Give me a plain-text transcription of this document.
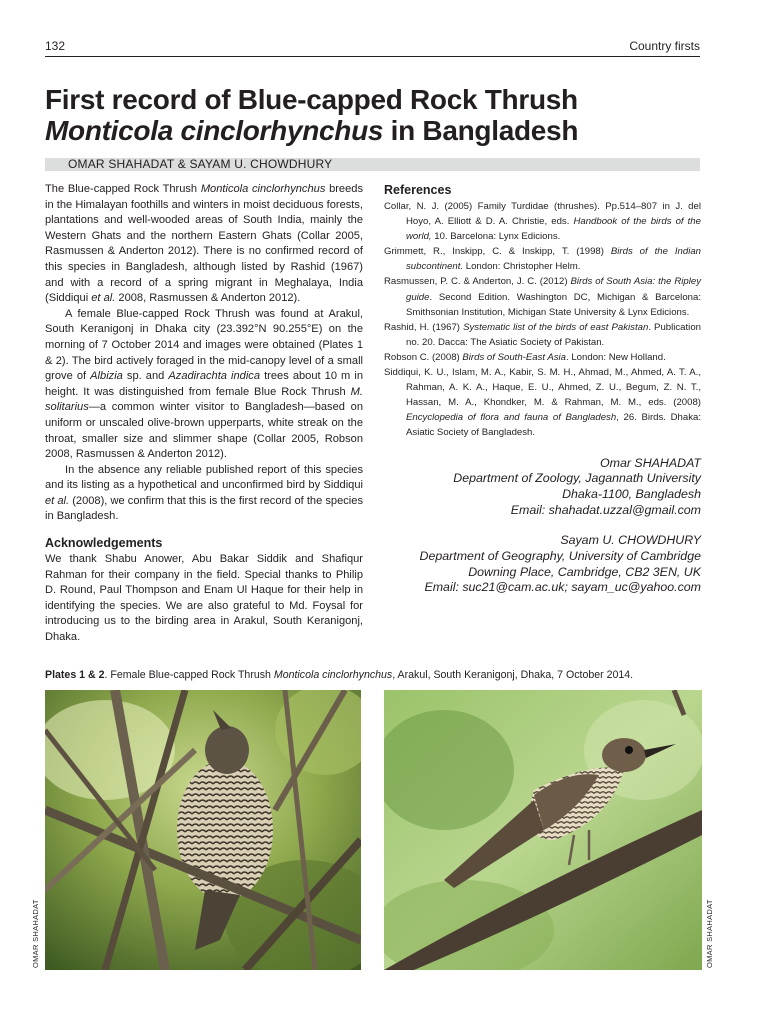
132	Country firsts
First record of Blue-capped Rock Thrush
Monticola cinclorhynchus in Bangladesh
OMAR SHAHADAT & SAYAM U. CHOWDHURY

The Blue-capped Rock Thrush Monticola cinclorhynchus breeds in the Himalayan foothills and winters in moist deciduous forests, plantations and well-wooded areas of South India, mainly the Western Ghats and the northern Eastern Ghats (Collar 2005, Rasmussen & Anderton 2012). There is no confirmed record of this species in Bangladesh, although listed by Rashid (1967) and with a record of a spring migrant in Meghalaya, India (Siddiqui et al. 2008, Rasmussen & Anderton 2012).

A female Blue-capped Rock Thrush was found at Arakul, South Keranigonj in Dhaka city (23.392°N 90.255°E) on the morning of 7 October 2014 and images were obtained (Plates 1 & 2). The bird actively foraged in the mid-canopy level of a small grove of Albizia sp. and Azadirachta indica trees about 10 m in height. It was distinguished from female Blue Rock Thrush M. solitarius—a common winter visitor to Bangladesh—based on uniform or unscaled olive-brown upperparts, white streak on the throat, smaller size and slimmer shape (Collar 2005, Robson 2008, Rasmussen & Anderton 2012).

In the absence any reliable published report of this species and its listing as a hypothetical and unconfirmed bird by Siddiqui et al. (2008), we confirm that this is the first record of the species in Bangladesh.

Acknowledgements

We thank Shabu Anower, Abu Bakar Siddik and Shafiqur Rahman for their company in the field. Special thanks to Philip D. Round, Paul Thompson and Enam Ul Haque for their help in identifying the species. We are also grateful to Md. Foysal for introducing us to the birding area in Arakul, South Keranigonj, Dhaka.

References

Collar, N. J. (2005) Family Turdidae (thrushes). Pp.514–807 in J. del Hoyo, A. Elliott & D. A. Christie, eds. Handbook of the birds of the world, 10. Barcelona: Lynx Edicions.

Grimmett, R., Inskipp, C. & Inskipp, T. (1998) Birds of the Indian subcontinent. London: Christopher Helm.

Rasmussen, P. C. & Anderton, J. C. (2012) Birds of South Asia: the Ripley guide. Second Edition. Washington DC, Michigan & Barcelona: Smithsonian Institution, Michigan State University & Lynx Edicions.

Rashid, H. (1967) Systematic list of the birds of east Pakistan. Publication no. 20. Dacca: The Asiatic Society of Pakistan.

Robson C. (2008) Birds of South-East Asia. London: New Holland.

Siddiqui, K. U., Islam, M. A., Kabir, S. M. H., Ahmad, M., Ahmed, A. T. A., Rahman, A. K. A., Haque, E. U., Ahmed, Z. U., Begum, Z. N. T., Hassan, M. A., Khondker, M. & Rahman, M. M., eds. (2008) Encyclopedia of flora and fauna of Bangladesh, 26. Birds. Dhaka: Asiatic Society of Bangladesh.

Omar SHAHADAT

Department of Zoology, Jagannath University

Dhaka-1100, Bangladesh

Email: shahadat.uzzal@gmail.com

Sayam U. CHOWDHURY

Department of Geography, University of Cambridge

Downing Place, Cambridge, CB2 3EN, UK

Email: suc21@cam.ac.uk; sayam_uc@yahoo.com

Plates 1 & 2. Female Blue-capped Rock Thrush Monticola cinclorhynchus, Arakul, South Keranigonj, Dhaka, 7 October 2014.
OMAR SHAHADAT	OMAR SHAHADAT
